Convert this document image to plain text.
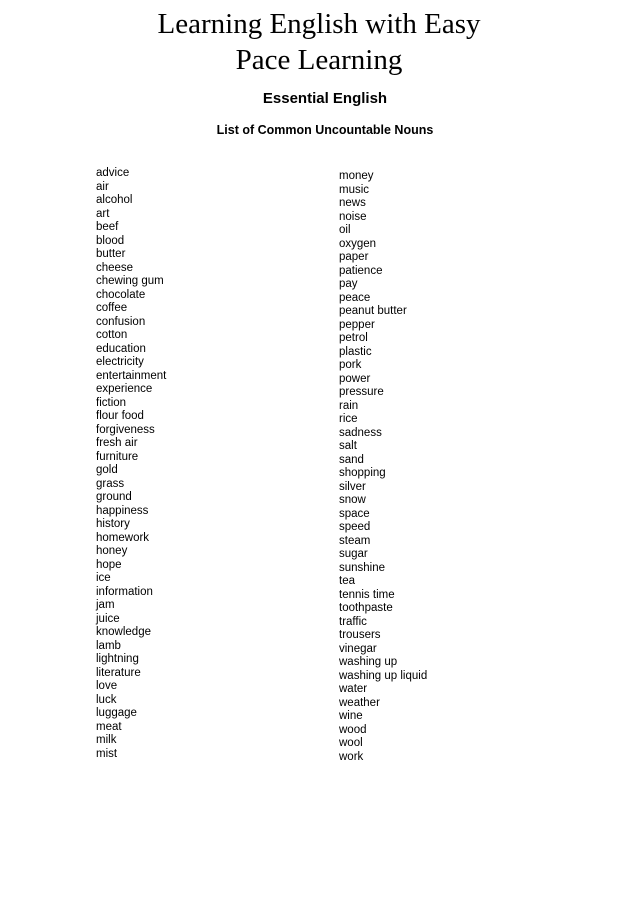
Learning English with Easy
Pace Learning
Essential English
List of Common Uncountable Nouns
advice
air
alcohol
art
beef
blood
butter
cheese
chewing gum
chocolate
coffee
confusion
cotton
education
electricity
entertainment
experience
fiction
flour food
forgiveness
fresh air
furniture
gold
grass
ground
happiness
history
homework
honey
hope
ice
information
jam
juice
knowledge
lamb
lightning
literature
love
luck
luggage
meat
milk
mist
money
music
news
noise
oil
oxygen
paper
patience
pay
peace
peanut butter
pepper
petrol
plastic
pork
power
pressure
rain
rice
sadness
salt
sand
shopping
silver
snow
space
speed
steam
sugar
sunshine
tea
tennis time
toothpaste
traffic
trousers
vinegar
washing up
washing up liquid
water
weather
wine
wood
wool
work
